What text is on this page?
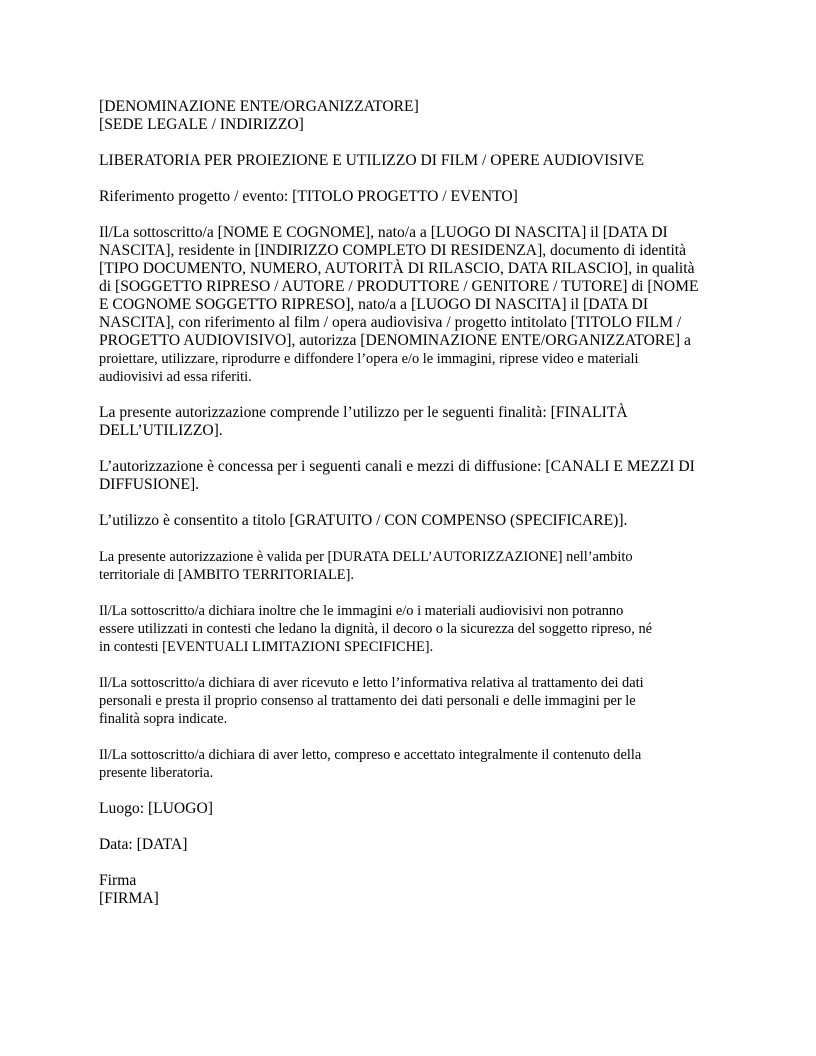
[DENOMINAZIONE ENTE/ORGANIZZATORE]
[SEDE LEGALE / INDIRIZZO]
LIBERATORIA PER PROIEZIONE E UTILIZZO DI FILM / OPERE AUDIOVISIVE
Riferimento progetto / evento: [TITOLO PROGETTO / EVENTO]
Il/La sottoscritto/a [NOME E COGNOME], nato/a a [LUOGO DI NASCITA] il [DATA DI
NASCITA], residente in [INDIRIZZO COMPLETO DI RESIDENZA], documento di identità
[TIPO DOCUMENTO, NUMERO, AUTORITÀ DI RILASCIO, DATA RILASCIO], in qualità
di [SOGGETTO RIPRESO / AUTORE / PRODUTTORE / GENITORE / TUTORE] di [NOME
E COGNOME SOGGETTO RIPRESO], nato/a a [LUOGO DI NASCITA] il [DATA DI
NASCITA], con riferimento al film / opera audiovisiva / progetto intitolato [TITOLO FILM /
PROGETTO AUDIOVISIVO], autorizza [DENOMINAZIONE ENTE/ORGANIZZATORE] a
proiettare, utilizzare, riprodurre e diffondere l’opera e/o le immagini, riprese video e materiali
audiovisivi ad essa riferiti.
La presente autorizzazione comprende l’utilizzo per le seguenti finalità: [FINALITÀ
DELL’UTILIZZO].
L’autorizzazione è concessa per i seguenti canali e mezzi di diffusione: [CANALI E MEZZI DI
DIFFUSIONE].
L’utilizzo è consentito a titolo [GRATUITO / CON COMPENSO (SPECIFICARE)].
La presente autorizzazione è valida per [DURATA DELL’AUTORIZZAZIONE] nell’ambito
territoriale di [AMBITO TERRITORIALE].
Il/La sottoscritto/a dichiara inoltre che le immagini e/o i materiali audiovisivi non potranno
essere utilizzati in contesti che ledano la dignità, il decoro o la sicurezza del soggetto ripreso, né
in contesti [EVENTUALI LIMITAZIONI SPECIFICHE].
Il/La sottoscritto/a dichiara di aver ricevuto e letto l’informativa relativa al trattamento dei dati
personali e presta il proprio consenso al trattamento dei dati personali e delle immagini per le
finalità sopra indicate.
Il/La sottoscritto/a dichiara di aver letto, compreso e accettato integralmente il contenuto della
presente liberatoria.
Luogo: [LUOGO]
Data: [DATA]
Firma
[FIRMA]
